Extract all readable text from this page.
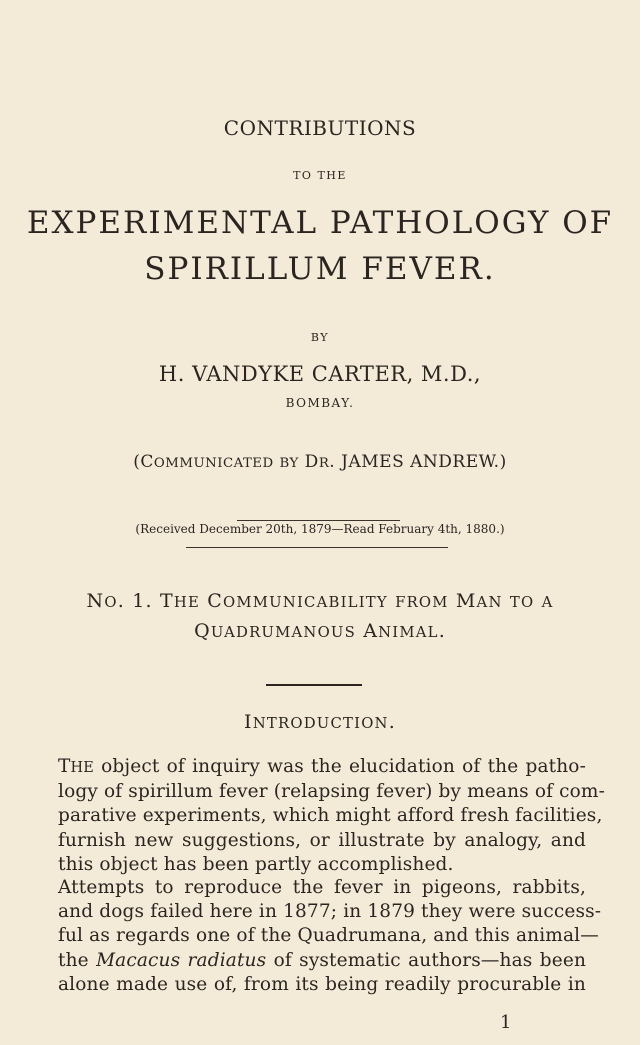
CONTRIBUTIONS
TO THE
EXPERIMENTAL PATHOLOGY OF
SPIRILLUM FEVER.
BY
H. VANDYKE CARTER, M.D.,
BOMBAY.
(COMMUNICATED BY DR. JAMES ANDREW.)
(Received December 20th, 1879—Read February 4th, 1880.)
NO. 1. THE COMMUNICABILITY FROM MAN TO A
QUADRUMANOUS ANIMAL.
INTRODUCTION.
THE object of inquiry was the elucidation of the patho-
logy of spirillum fever (relapsing fever) by means of com-
parative experiments, which might afford fresh facilities,
furnish new suggestions, or illustrate by analogy, and
this object has been partly accomplished.
Attempts to reproduce the fever in pigeons, rabbits,
and dogs failed here in 1877; in 1879 they were success-
ful as regards one of the Quadrumana, and this animal—
the Macacus radiatus of systematic authors—has been
alone made use of, from its being readily procurable in
1
